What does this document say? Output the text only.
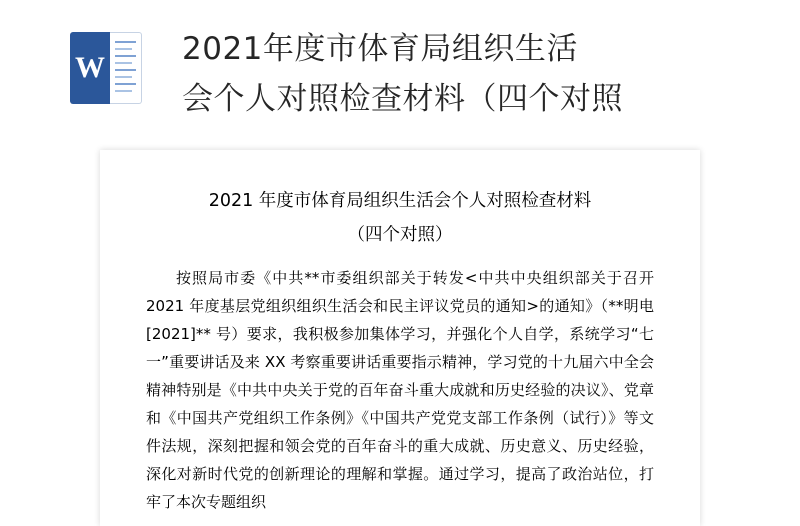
W
2021年度市体育局组织生活
会个人对照检查材料（四个对照
2021 年度市体育局组织生活会个人对照检查材料
（四个对照）
按照局市委《中共**市委组织部关于转发<中共中央组织部关于召开 2021 年度基层党组织组织生活会和民主评议党员的通知>的通知》（**明电[2021]** 号）要求，我积极参加集体学习，并强化个人自学，系统学习“七一”重要讲话及来 XX 考察重要讲话重要指示精神，学习党的十九届六中全会精神特别是《中共中央关于党的百年奋斗重大成就和历史经验的决议》、党章和《中国共产党组织工作条例》《中国共产党党支部工作条例（试行）》等文件法规，深刻把握和领会党的百年奋斗的重大成就、历史意义、历史经验，深化对新时代党的创新理论的理解和掌握。通过学习，提高了政治站位，打牢了本次专题组织
